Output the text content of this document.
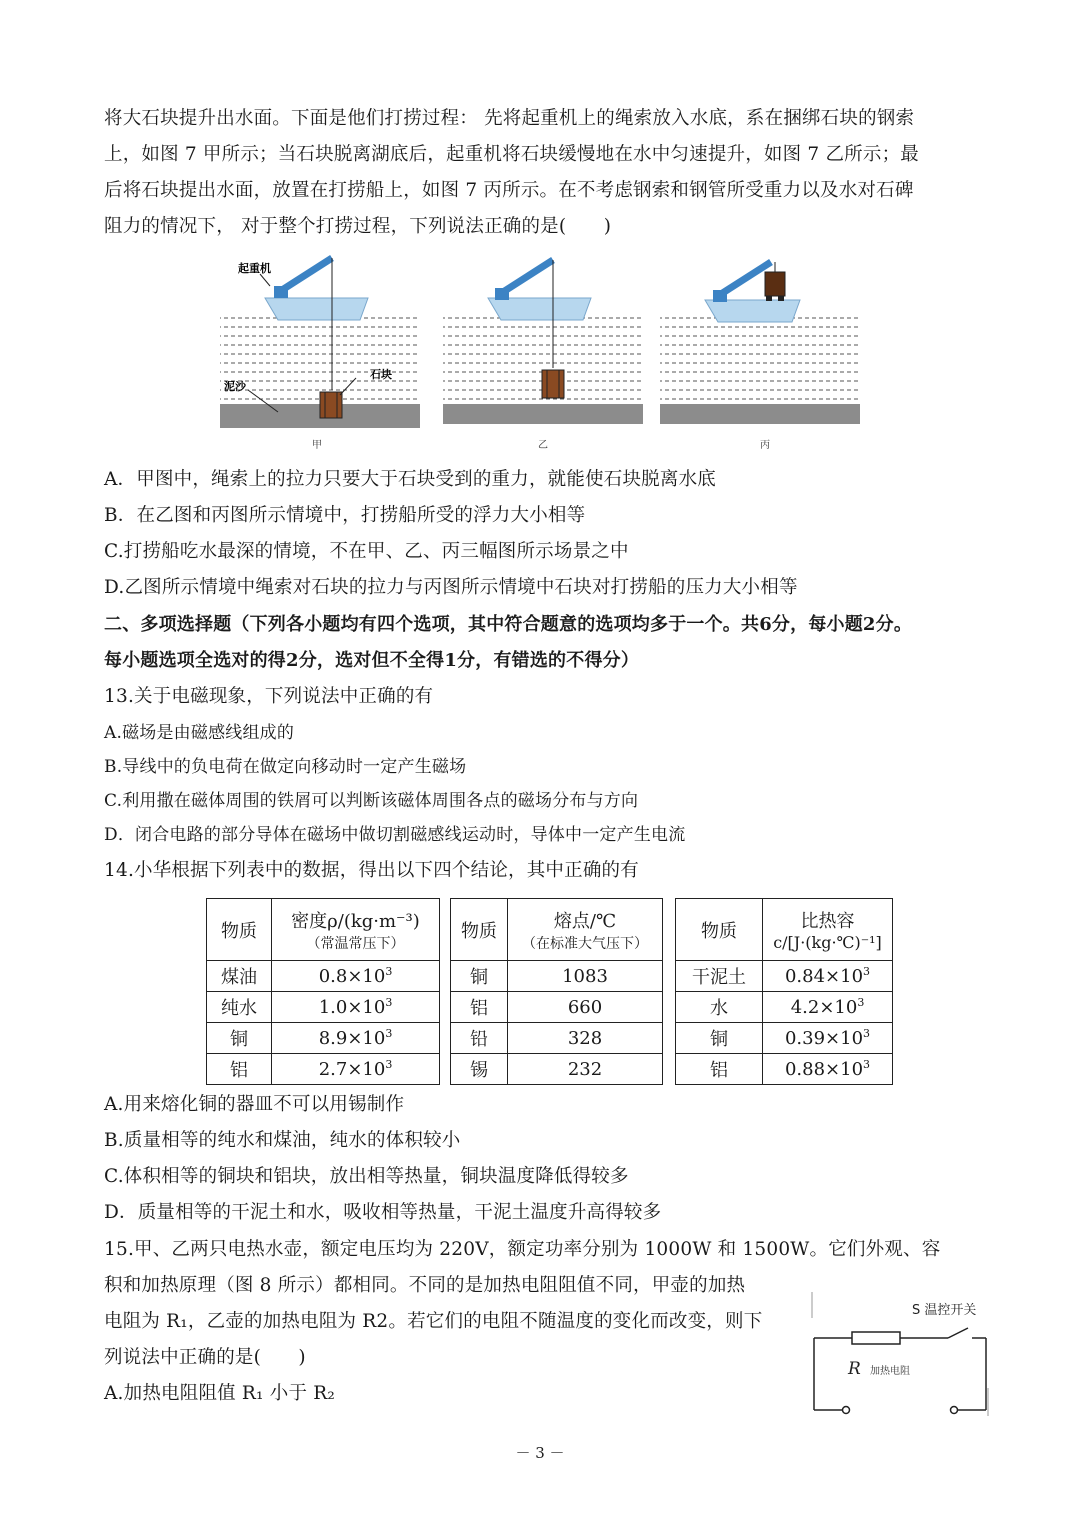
将大石块提升出水面。下面是他们打捞过程： 先将起重机上的绳索放入水底，系在捆绑石块的钢索
上，如图 7 甲所示；当石块脱离湖底后，起重机将石块缓慢地在水中匀速提升，如图 7 乙所示；最
后将石块提出水面，放置在打捞船上，如图 7 丙所示。在不考虑钢索和钢管所受重力以及水对石碑
阻力的情况下， 对于整个打捞过程，下列说法正确的是(　　)
起重机
石块
泥沙
甲	乙	丙
A．甲图中，绳索上的拉力只要大于石块受到的重力，就能使石块脱离水底
B．在乙图和丙图所示情境中，打捞船所受的浮力大小相等
C.打捞船吃水最深的情境，不在甲、乙、丙三幅图所示场景之中
D.乙图所示情境中绳索对石块的拉力与丙图所示情境中石块对打捞船的压力大小相等
二、多项选择题（下列各小题均有四个选项，其中符合题意的选项均多于一个。共6分，每小题2分。
每小题选项全选对的得2分，选对但不全得1分，有错选的不得分）
13.关于电磁现象，下列说法中正确的有
A.磁场是由磁感线组成的
B.导线中的负电荷在做定向移动时一定产生磁场
C.利用撒在磁体周围的铁屑可以判断该磁体周围各点的磁场分布与方向
D．闭合电路的部分导体在磁场中做切割磁感线运动时，导体中一定产生电流
14.小华根据下列表中的数据，得出以下四个结论，其中正确的有
物质	密度ρ/(kg·m⁻³)
（常温常压下）

煤油	$0.8\times 10^3$
纯水	$1.0\times 10^3$
铜	$8.9\times 10^3$
铝	$2.7\times 10^3$
物质	熔点/℃
（在标准大气压下）

铜	1083
铝	660
铅	328
锡	232
物质	比热容
c/[J·(kg·℃)⁻¹]

干泥土	$0.84\times 10^3$
水	$4.2\times 10^3$
铜	$0.39\times 10^3$
铝	$0.88\times 10^3$
A.用来熔化铜的器皿不可以用锡制作
B.质量相等的纯水和煤油，纯水的体积较小
C.体积相等的铜块和铝块，放出相等热量，铜块温度降低得较多
D．质量相等的干泥土和水，吸收相等热量，干泥土温度升高得较多
15.甲、乙两只电热水壶，额定电压均为 220V，额定功率分别为 1000W 和 1500W。它们外观、容
积和加热原理（图 8 所示）都相同。不同的是加热电阻阻值不同，甲壶的加热
电阻为 R₁，乙壶的加热电阻为 R2。若它们的电阻不随温度的变化而改变，则下
列说法中正确的是(　　)
A.加热电阻阻值 R₁ 小于 R₂
S 温控开关
R 加热电阻
－ 3 －
